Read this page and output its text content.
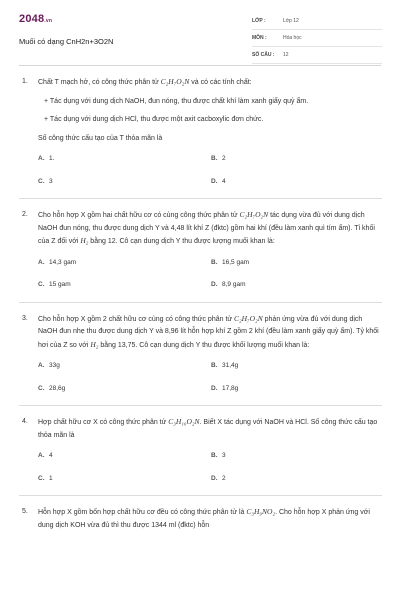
2048.vn
Muối có dạng CnH2n+3O2N
LỚP :	Lớp 12
MÔN :	Hóa học
SỐ CÂU :	12
1. Chất T mạch hở, có công thức phân tử C₂H₇O₂N và có các tính chất:
+ Tác dụng với dung dịch NaOH, đun nóng, thu được chất khí làm xanh giấy quỳ ẩm.
+ Tác dụng với dung dịch HCl, thu được một axit cacboxylic đơn chức.
Số công thức cấu tạo của T thỏa mãn là
A. 1.	B. 2
C. 3	D. 4
2. Cho hỗn hợp X gồm hai chất hữu cơ có cùng công thức phân tử C₂H₇O₂N tác dụng vừa đủ với dung dịch NaOH đun nóng, thu được dung dịch Y và 4,48 lít khí Z (đktc) gồm hai khí (đều làm xanh quì tím ẩm). Tỉ khối của Z đối với H₂ bằng 12. Cô cạn dung dịch Y thu được lượng muối khan là:
A. 14,3 gam	B. 16,5 gam
C. 15 gam	D. 8,9 gam
3. Cho hỗn hợp X gồm 2 chất hữu cơ cùng có công thức phân tử C₂H₇O₂N phản ứng vừa đủ với dung dịch NaOH đun nhẹ thu được dung dịch Y và 8,96 lít hỗn hợp khí Z gồm 2 khí (đều làm xanh giấy quỳ ẩm). Tỷ khối hơi của Z so với H₂ bằng 13,75. Cô cạn dung dịch Y thu được khối lượng muối khan là:
A. 33g	B. 31,4g
C. 28,6g	D. 17,8g
4. Hợp chất hữu cơ X có công thức phân tử C₃H₁₀O₂N. Biết X tác dụng với NaOH và HCl. Số công thức cấu tạo thỏa mãn là
A. 4	B. 3
C. 1	D. 2
5. Hỗn hợp X gồm bốn hợp chất hữu cơ đều có công thức phân tử là C₃H₉NO₂. Cho hỗn hợp X phản ứng với dung dịch KOH vừa đủ thì thu được 1344 ml (đktc) hỗn
